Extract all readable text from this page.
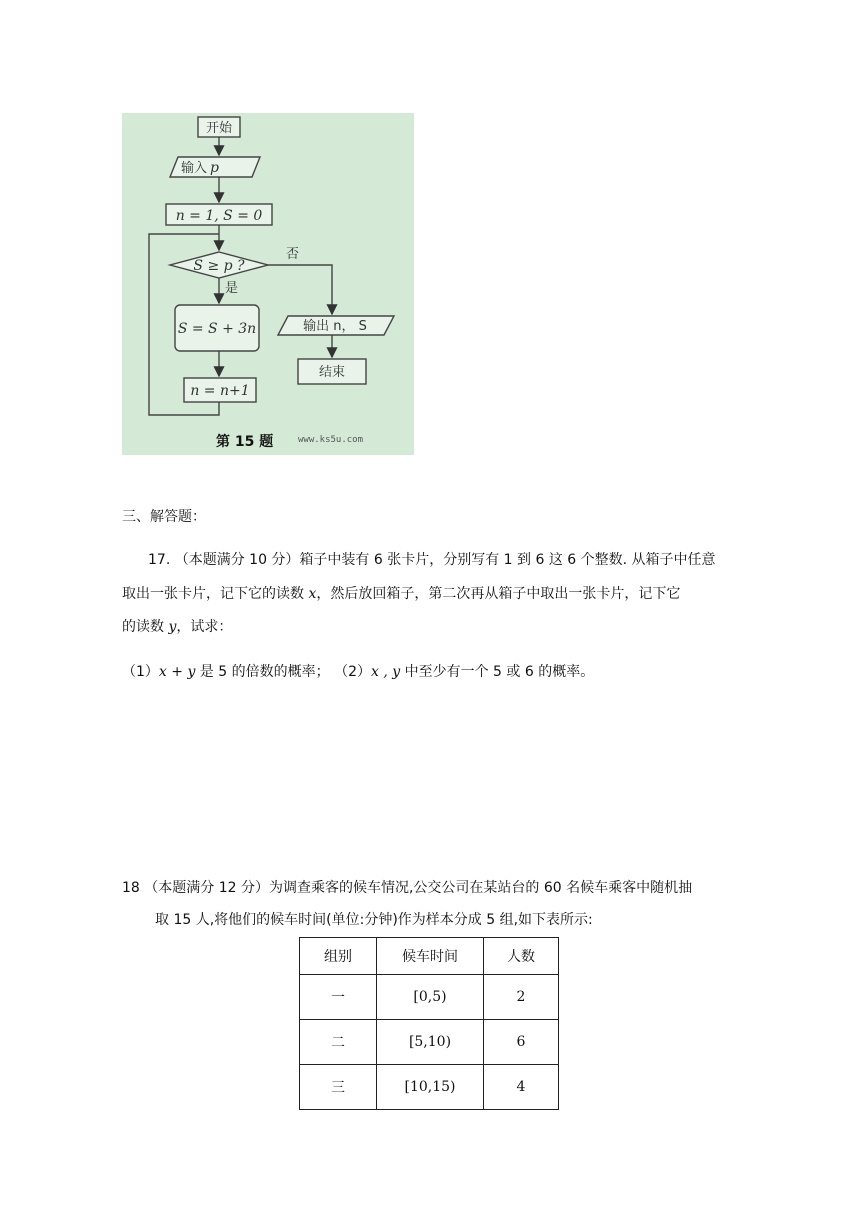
开始
输入 p
n = 1, S = 0
S ≥ p ?
否
是
S = S + 3n
n = n+1
输出 n， S
结束
第 15 题	www.ks5u.com
三、解答题：
17. （本题满分 10 分）箱子中装有 6 张卡片，分别写有 1 到 6 这 6 个整数. 从箱子中任意
取出一张卡片，记下它的读数 x，然后放回箱子，第二次再从箱子中取出一张卡片，记下它
的读数 y，试求：
（1）x + y 是 5 的倍数的概率； （2）x , y 中至少有一个 5 或 6 的概率。
18 （本题满分 12 分）为调查乘客的候车情况,公交公司在某站台的 60 名候车乘客中随机抽
取 15 人,将他们的候车时间(单位:分钟)作为样本分成 5 组,如下表所示:
组别	候车时间	人数
一	[0,5)	2
二	[5,10)	6
三	[10,15)	4
